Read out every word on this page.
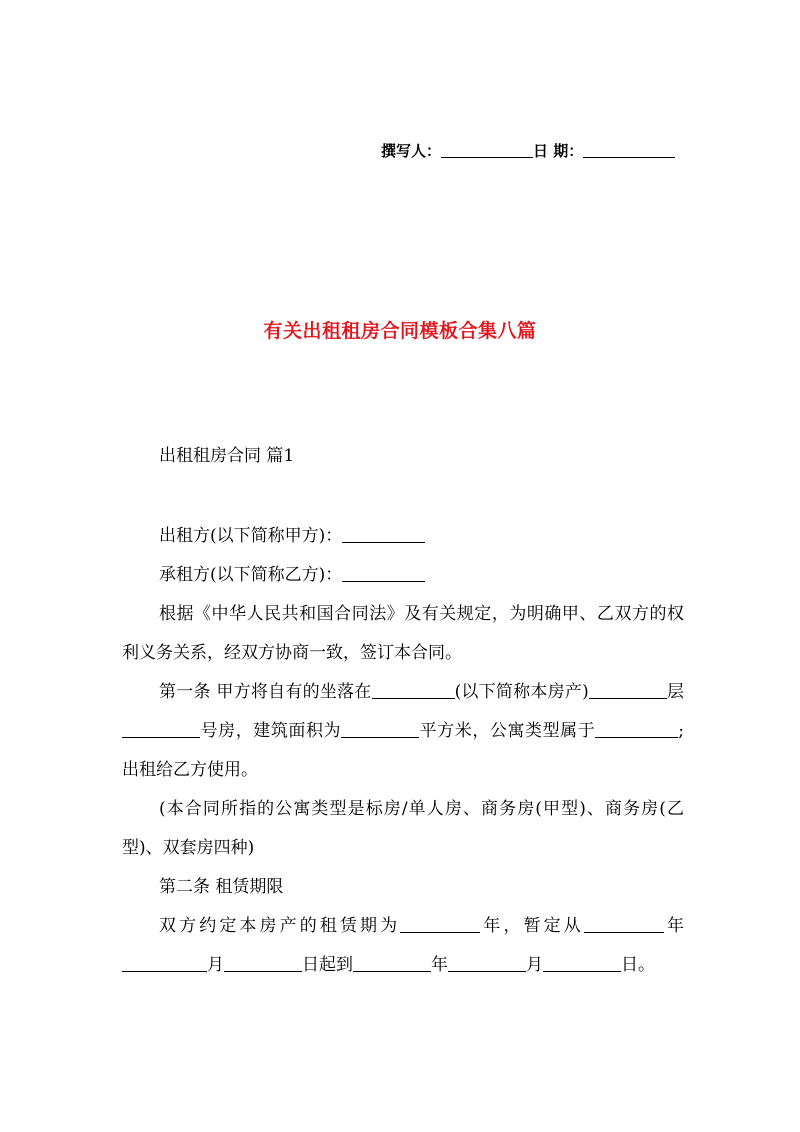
撰写人：	日 期：
有关出租租房合同模板合集八篇

出租租房合同 篇1

出租方(以下简称甲方)：

承租方(以下简称乙方)：

根据《中华人民共和国合同法》及有关规定，为明确甲、乙双方的权利义务关系，经双方协商一致，签订本合同。

第一条 甲方将自有的坐落在	(以下简称本房产)	层号房，建筑面积为	平方米，公寓类型属于	;出租给乙方使用。

(本合同所指的公寓类型是标房/单人房、商务房(甲型)、商务房(乙型)、双套房四种)

第二条 租赁期限

双方约定本房产的租赁期为	年，暂定从	年月	日起到	年	月	日。
